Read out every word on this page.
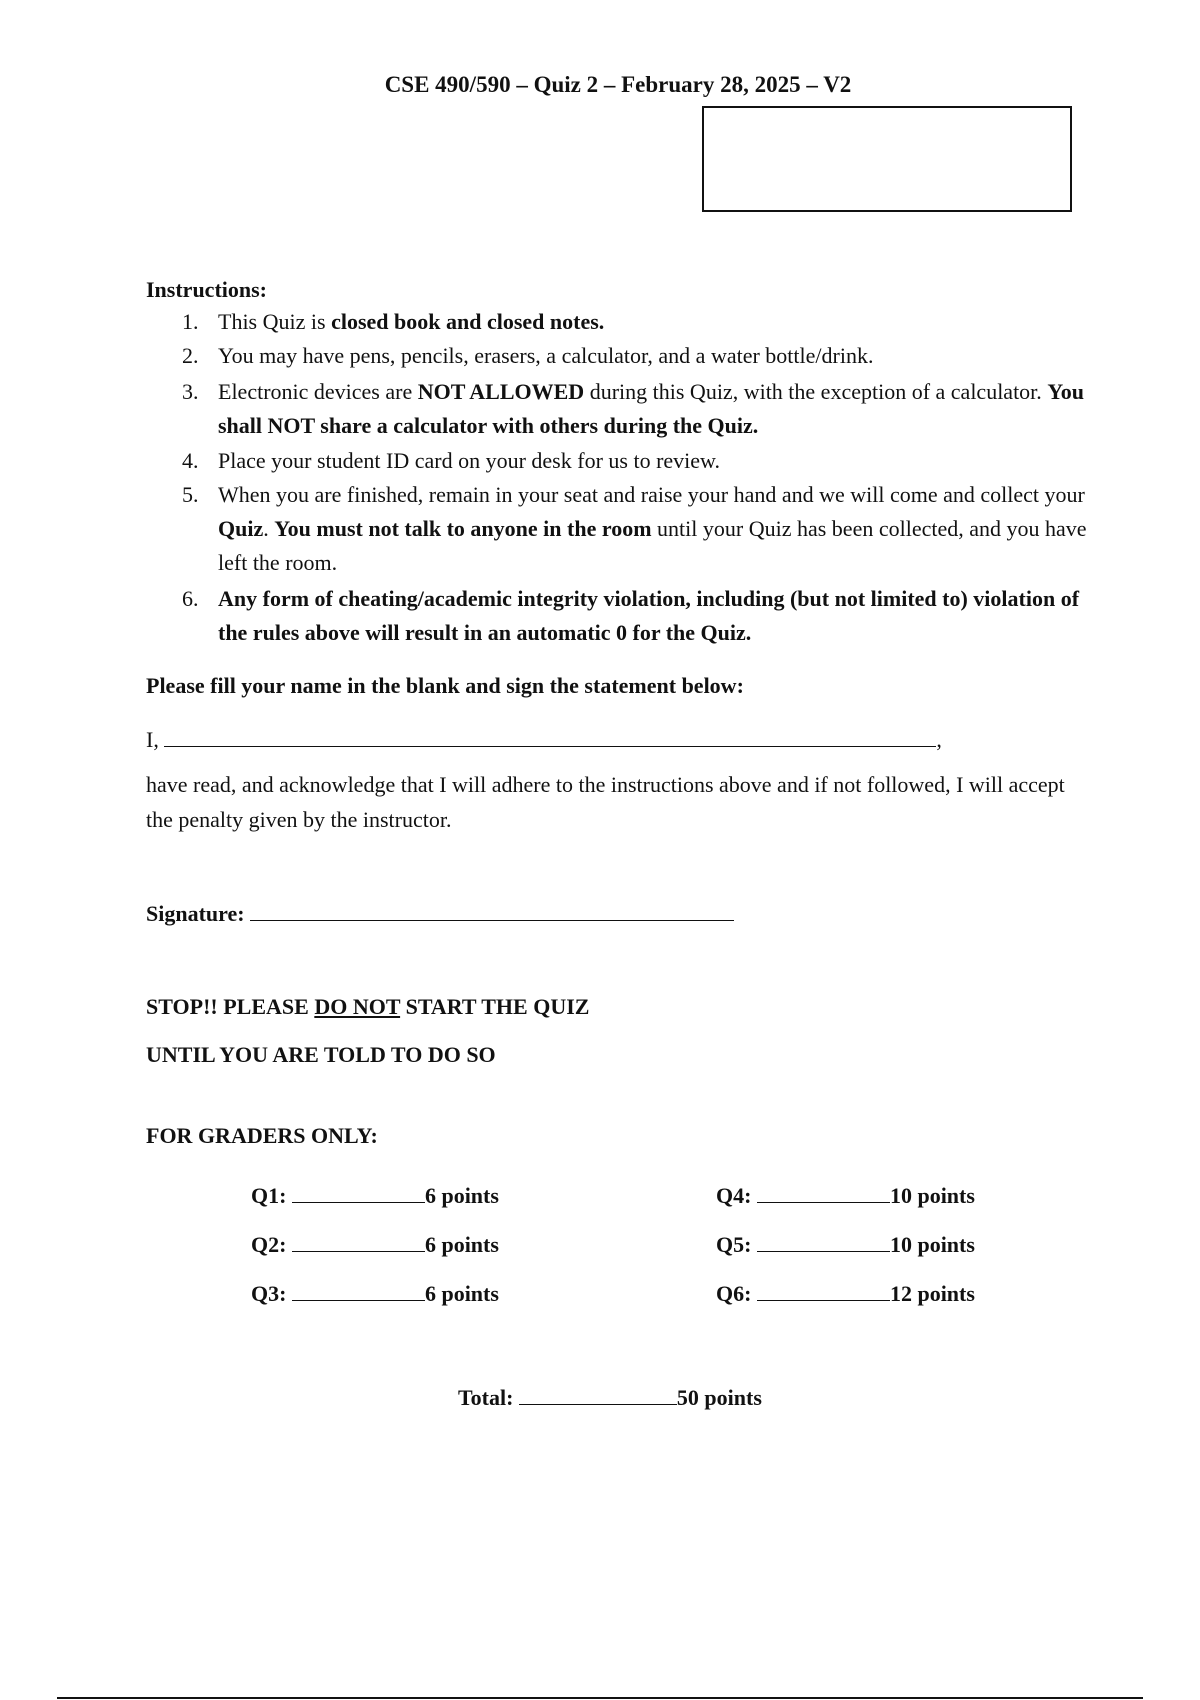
CSE 490/590 – Quiz 2 – February 28, 2025 – V2
Instructions:
1. This Quiz is closed book and closed notes.
2. You may have pens, pencils, erasers, a calculator, and a water bottle/drink.
3. Electronic devices are NOT ALLOWED during this Quiz, with the exception of a calculator. You shall NOT share a calculator with others during the Quiz.
4. Place your student ID card on your desk for us to review.
5. When you are finished, remain in your seat and raise your hand and we will come and collect your Quiz. You must not talk to anyone in the room until your Quiz has been collected, and you have left the room.
6. Any form of cheating/academic integrity violation, including (but not limited to) violation of the rules above will result in an automatic 0 for the Quiz.
Please fill your name in the blank and sign the statement below:
I,	,
have read, and acknowledge that I will adhere to the instructions above and if not followed, I will accept the penalty given by the instructor.
Signature:
STOP!! PLEASE DO NOT START THE QUIZ
UNTIL YOU ARE TOLD TO DO SO
FOR GRADERS ONLY:
Q1:	6 points
Q2:	6 points
Q3:	6 points
Q4:	10 points
Q5:	10 points
Q6:	12 points
Total:	50 points
